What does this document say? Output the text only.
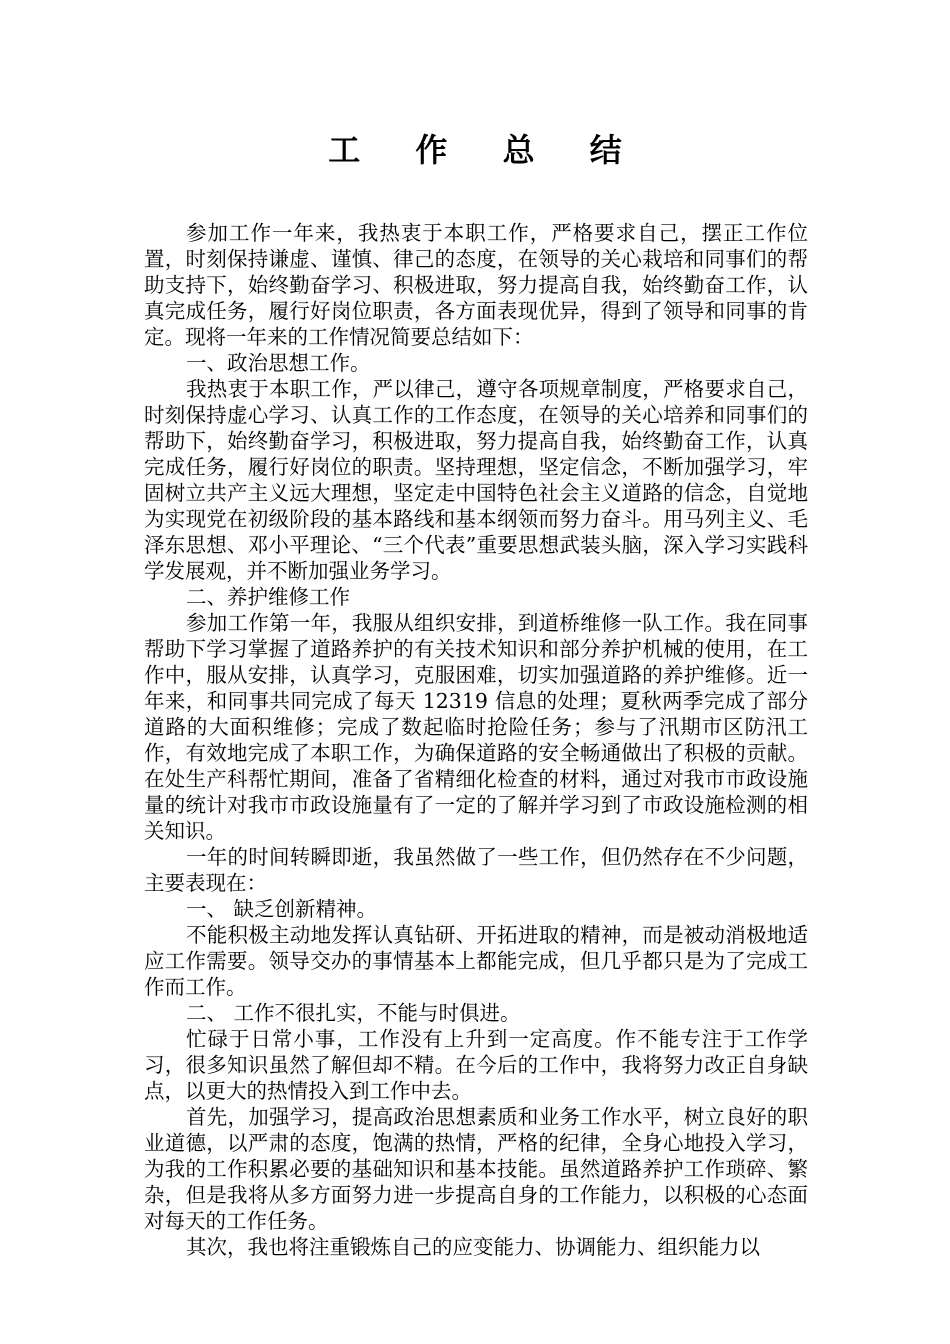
工 作 总 结

参加工作一年来，我热衷于本职工作，严格要求自己，摆正工作位置，时刻保持谦虚、谨慎、律己的态度，在领导的关心栽培和同事们的帮助支持下，始终勤奋学习、积极进取，努力提高自我，始终勤奋工作，认真完成任务，履行好岗位职责，各方面表现优异，得到了领导和同事的肯定。现将一年来的工作情况简要总结如下：

一、政治思想工作。

我热衷于本职工作，严以律己，遵守各项规章制度，严格要求自己，时刻保持虚心学习、认真工作的工作态度，在领导的关心培养和同事们的帮助下，始终勤奋学习，积极进取，努力提高自我，始终勤奋工作，认真完成任务，履行好岗位的职责。坚持理想，坚定信念，不断加强学习，牢固树立共产主义远大理想，坚定走中国特色社会主义道路的信念，自觉地为实现党在初级阶段的基本路线和基本纲领而努力奋斗。用马列主义、毛泽东思想、邓小平理论、“三个代表”重要思想武装头脑，深入学习实践科学发展观，并不断加强业务学习。

二、养护维修工作

参加工作第一年，我服从组织安排，到道桥维修一队工作。我在同事帮助下学习掌握了道路养护的有关技术知识和部分养护机械的使用，在工作中，服从安排，认真学习，克服困难，切实加强道路的养护维修。近一年来，和同事共同完成了每天 12319 信息的处理；夏秋两季完成了部分道路的大面积维修；完成了数起临时抢险任务；参与了汛期市区防汛工作，有效地完成了本职工作，为确保道路的安全畅通做出了积极的贡献。在处生产科帮忙期间，准备了省精细化检查的材料，通过对我市市政设施量的统计对我市市政设施量有了一定的了解并学习到了市政设施检测的相关知识。

一年的时间转瞬即逝，我虽然做了一些工作，但仍然存在不少问题，主要表现在：

一、 缺乏创新精神。

不能积极主动地发挥认真钻研、开拓进取的精神，而是被动消极地适应工作需要。领导交办的事情基本上都能完成，但几乎都只是为了完成工作而工作。

二、 工作不很扎实，不能与时俱进。

忙碌于日常小事，工作没有上升到一定高度。作不能专注于工作学习，很多知识虽然了解但却不精。在今后的工作中，我将努力改正自身缺点，以更大的热情投入到工作中去。

首先，加强学习，提高政治思想素质和业务工作水平，树立良好的职业道德，以严肃的态度，饱满的热情，严格的纪律，全身心地投入学习，为我的工作积累必要的基础知识和基本技能。虽然道路养护工作琐碎、繁杂，但是我将从多方面努力进一步提高自身的工作能力，以积极的心态面对每天的工作任务。

其次，我也将注重锻炼自己的应变能力、协调能力、组织能力以
